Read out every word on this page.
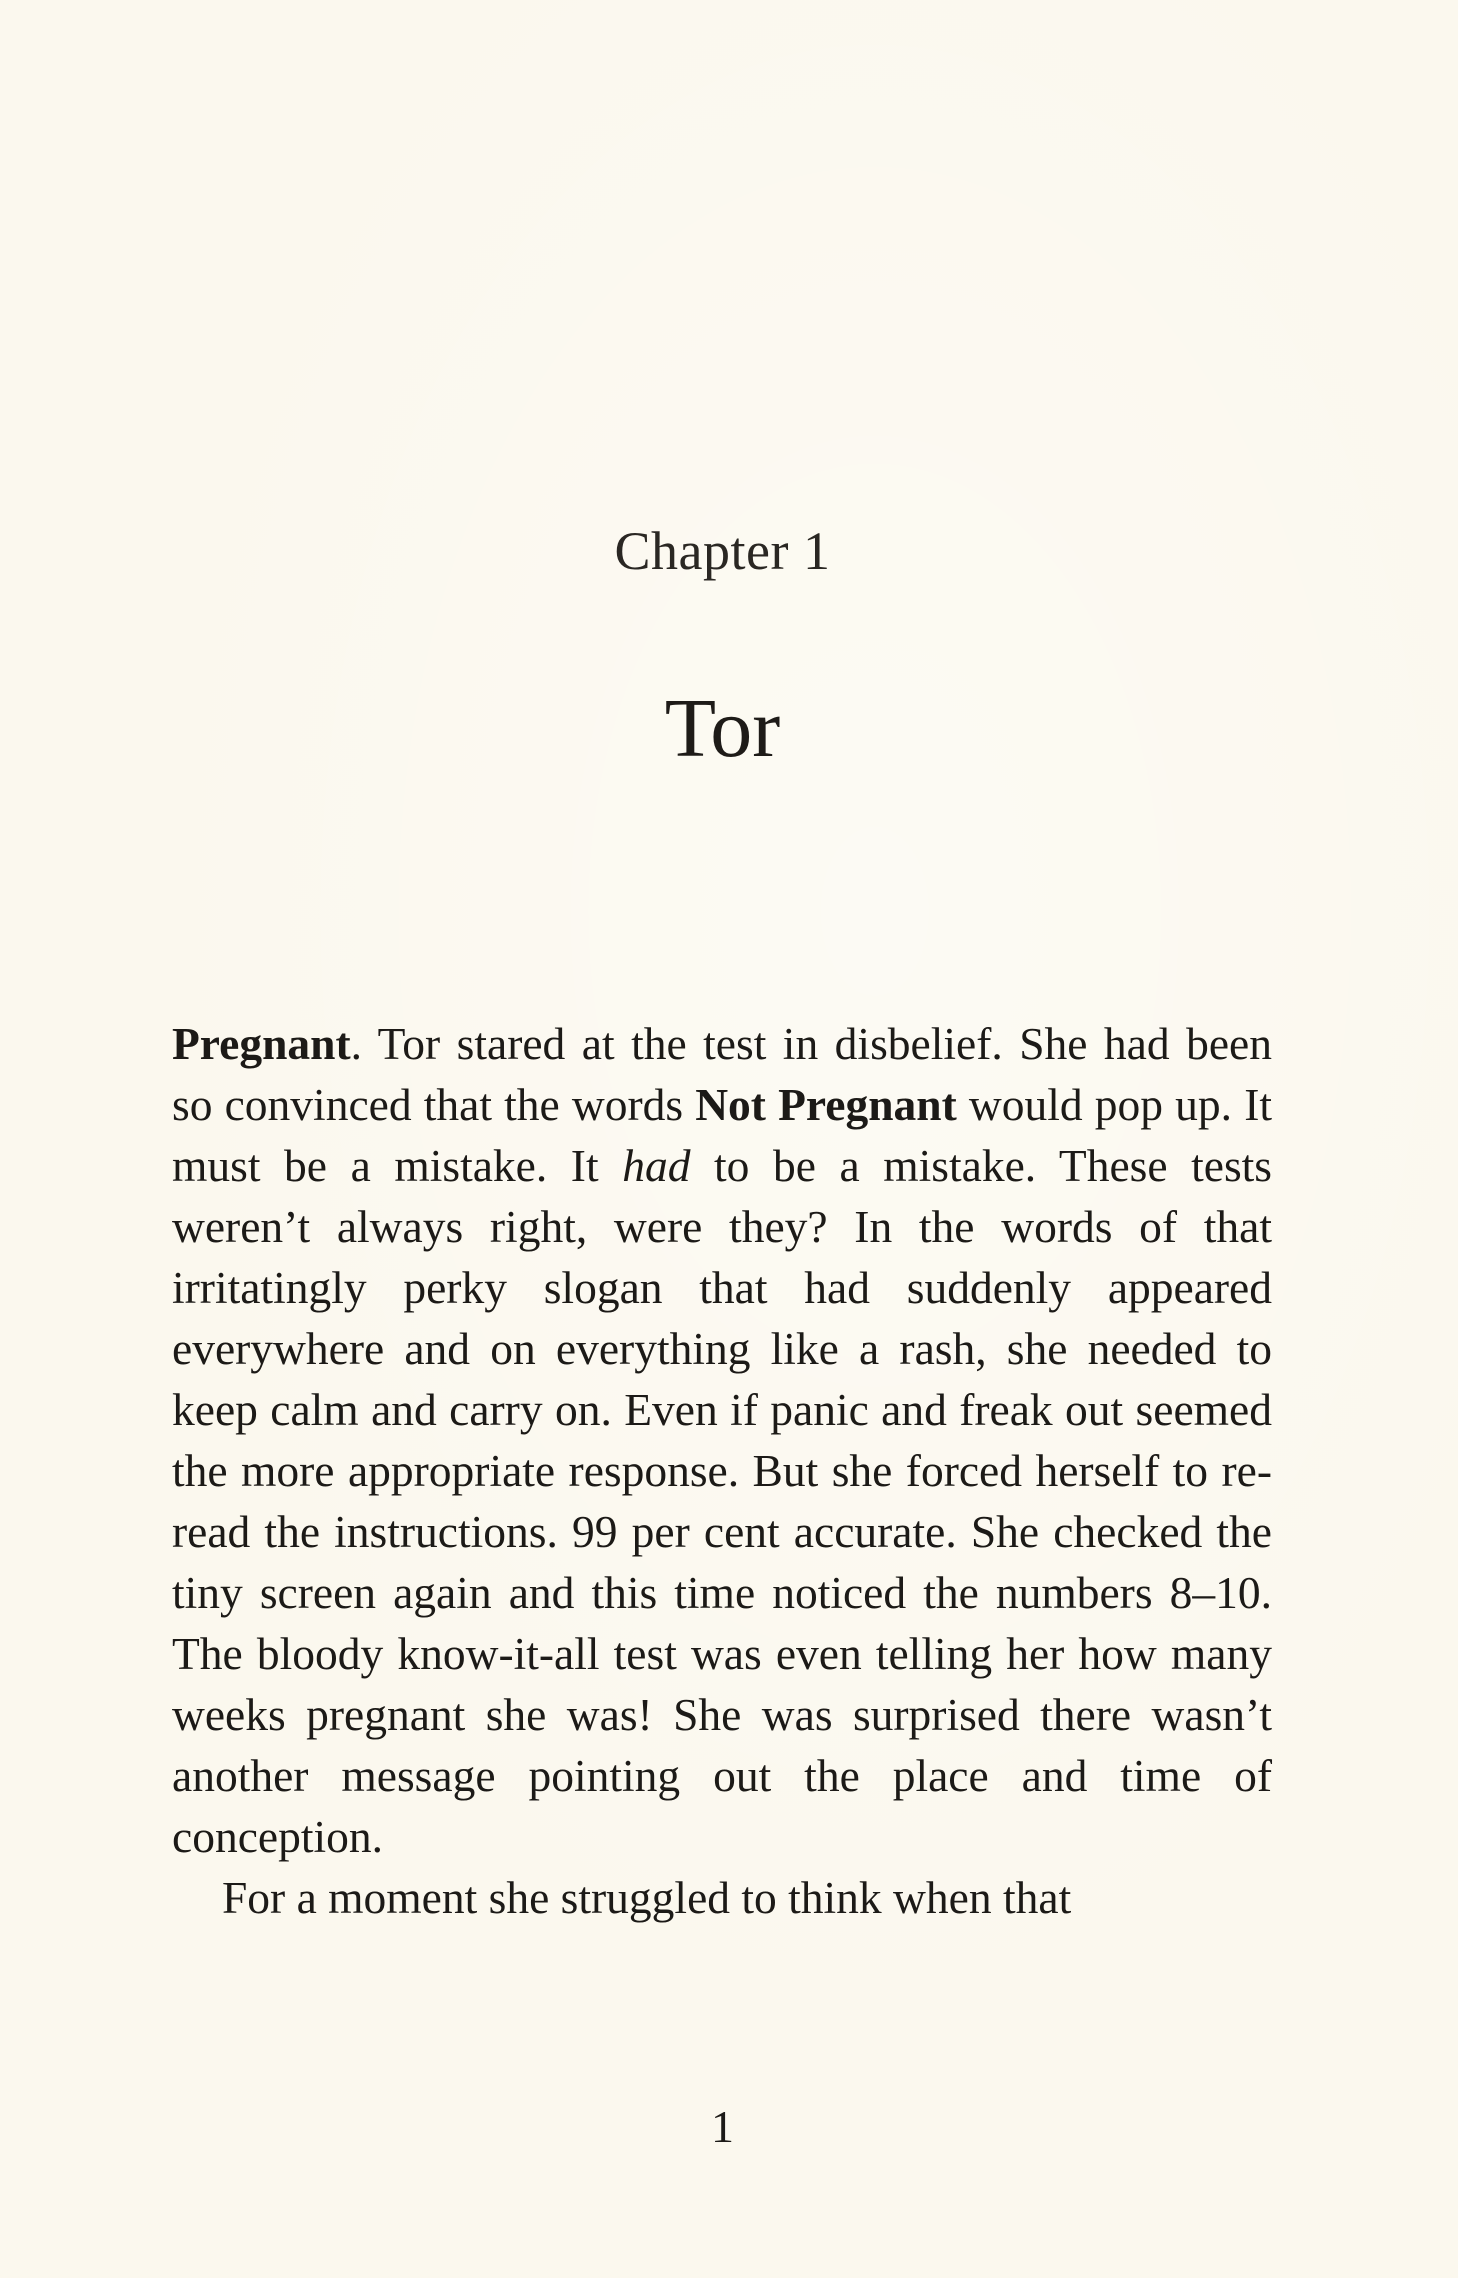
Chapter 1
Tor

Pregnant. Tor stared at the test in disbelief. She had been so convinced that the words Not Pregnant would pop up. It must be a mistake. It had to be a mistake. These tests weren’t always right, were they? In the words of that irritatingly perky slogan that had suddenly appeared everywhere and on everything like a rash, she needed to keep calm and carry on. Even if panic and freak out seemed the more appropriate response. But she forced herself to re-read the instructions. 99 per cent accurate. She checked the tiny screen again and this time noticed the numbers 8–10. The bloody know-it-all test was even telling her how many weeks pregnant she was! She was surprised there wasn’t another message pointing out the place and time of conception.

For a moment she struggled to think when that

1
